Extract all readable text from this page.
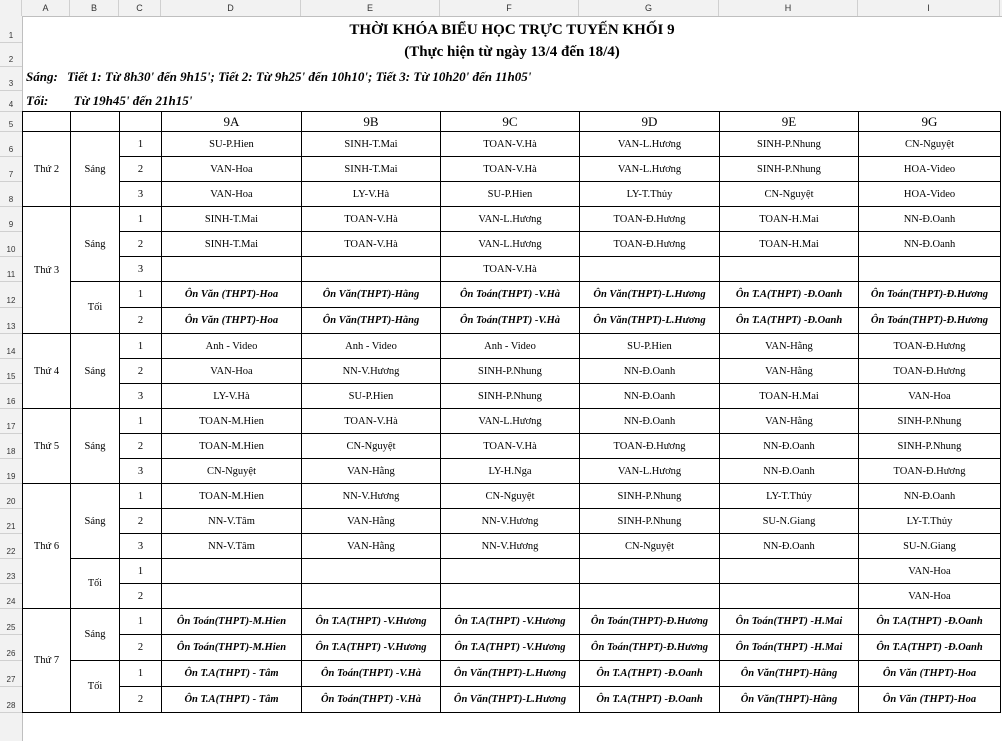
A	B	C	D	E	F	G	H	I
1
2
3
4
5
6
7
8
9
10
11
12
13
14
15
16
17
18
19
20
21
22
23
24
25
26
27
28
THỜI KHÓA BIỂU HỌC TRỰC TUYẾN KHỐI 9
(Thực hiện từ ngày 13/4 đến 18/4)
Sáng: Tiết 1: Từ 8h30' đến 9h15'; Tiết 2: Từ 9h25' đến 10h10'; Tiết 3: Từ 10h20' đến 11h05'
Tối: Từ 19h45' đến 21h15'
			9A	9B	9C	9D	9E	9G
Thứ 2	Sáng	1	SU-P.Hien	SINH-T.Mai	TOAN-V.Hà	VAN-L.Hương	SINH-P.Nhung	CN-Nguyệt
		2	VAN-Hoa	SINH-T.Mai	TOAN-V.Hà	VAN-L.Hương	SINH-P.Nhung	HOA-Video
		3	VAN-Hoa	LY-V.Hà	SU-P.Hien	LY-T.Thủy	CN-Nguyệt	HOA-Video
Thứ 3	Sáng	1	SINH-T.Mai	TOAN-V.Hà	VAN-L.Hương	TOAN-Đ.Hương	TOAN-H.Mai	NN-Đ.Oanh
		2	SINH-T.Mai	TOAN-V.Hà	VAN-L.Hương	TOAN-Đ.Hương	TOAN-H.Mai	NN-Đ.Oanh
		3			TOAN-V.Hà			
	Tối	1	Ôn Văn (THPT)-Hoa	Ôn Văn(THPT)-Hằng	Ôn Toán(THPT) -V.Hà	Ôn Văn(THPT)-L.Hương	Ôn T.A(THPT) -Đ.Oanh	Ôn Toán(THPT)-Đ.Hương
		2	Ôn Văn (THPT)-Hoa	Ôn Văn(THPT)-Hằng	Ôn Toán(THPT) -V.Hà	Ôn Văn(THPT)-L.Hương	Ôn T.A(THPT) -Đ.Oanh	Ôn Toán(THPT)-Đ.Hương
Thứ 4	Sáng	1	Anh - Video	Anh - Video	Anh - Video	SU-P.Hien	VAN-Hằng	TOAN-Đ.Hương
		2	VAN-Hoa	NN-V.Hương	SINH-P.Nhung	NN-Đ.Oanh	VAN-Hằng	TOAN-Đ.Hương
		3	LY-V.Hà	SU-P.Hien	SINH-P.Nhung	NN-Đ.Oanh	TOAN-H.Mai	VAN-Hoa
Thứ 5	Sáng	1	TOAN-M.Hien	TOAN-V.Hà	VAN-L.Hương	NN-Đ.Oanh	VAN-Hằng	SINH-P.Nhung
		2	TOAN-M.Hien	CN-Nguyệt	TOAN-V.Hà	TOAN-Đ.Hương	NN-Đ.Oanh	SINH-P.Nhung
		3	CN-Nguyệt	VAN-Hằng	LY-H.Nga	VAN-L.Hương	NN-Đ.Oanh	TOAN-Đ.Hương
Thứ 6	Sáng	1	TOAN-M.Hien	NN-V.Hương	CN-Nguyệt	SINH-P.Nhung	LY-T.Thủy	NN-Đ.Oanh
		2	NN-V.Tâm	VAN-Hằng	NN-V.Hương	SINH-P.Nhung	SU-N.Giang	LY-T.Thủy
		3	NN-V.Tâm	VAN-Hằng	NN-V.Hương	CN-Nguyệt	NN-Đ.Oanh	SU-N.Giang
	Tối	1						VAN-Hoa
		2						VAN-Hoa
Thứ 7	Sáng	1	Ôn Toán(THPT)-M.Hien	Ôn T.A(THPT) -V.Hương	Ôn T.A(THPT) -V.Hương	Ôn Toán(THPT)-Đ.Hương	Ôn Toán(THPT) -H.Mai	Ôn T.A(THPT) -Đ.Oanh
		2	Ôn Toán(THPT)-M.Hien	Ôn T.A(THPT) -V.Hương	Ôn T.A(THPT) -V.Hương	Ôn Toán(THPT)-Đ.Hương	Ôn Toán(THPT) -H.Mai	Ôn T.A(THPT) -Đ.Oanh
	Tối	1	Ôn T.A(THPT) - Tâm	Ôn Toán(THPT) -V.Hà	Ôn Văn(THPT)-L.Hương	Ôn T.A(THPT) -Đ.Oanh	Ôn Văn(THPT)-Hằng	Ôn Văn (THPT)-Hoa
		2	Ôn T.A(THPT) - Tâm	Ôn Toán(THPT) -V.Hà	Ôn Văn(THPT)-L.Hương	Ôn T.A(THPT) -Đ.Oanh	Ôn Văn(THPT)-Hằng	Ôn Văn (THPT)-Hoa
